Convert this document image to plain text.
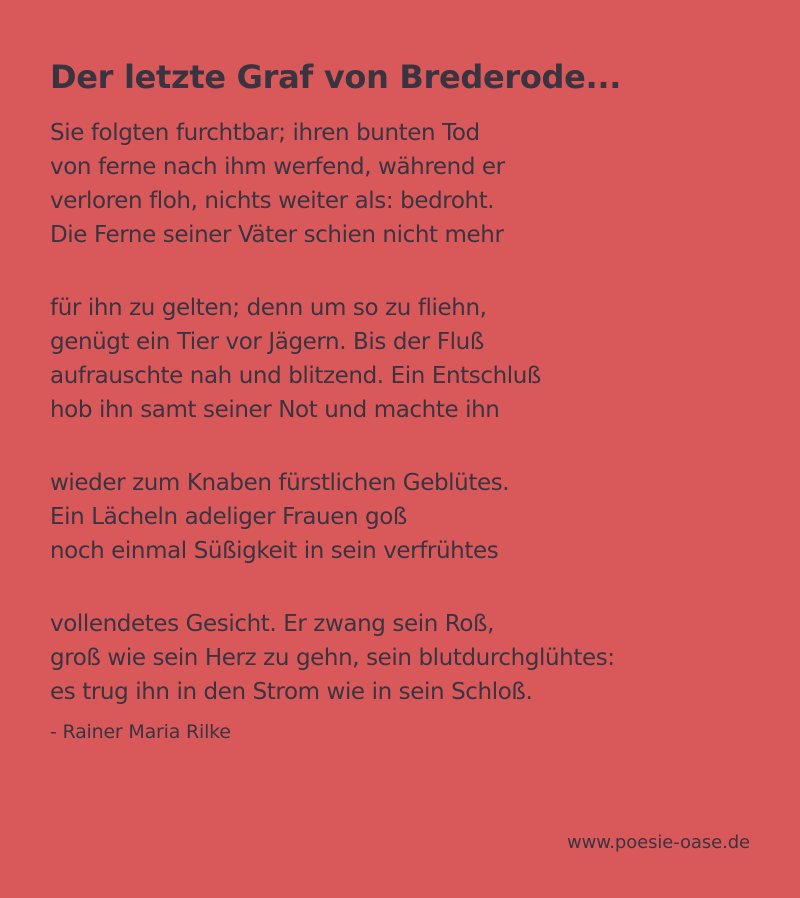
Der letzte Graf von Brederode...
Sie folgten furchtbar; ihren bunten Tod
von ferne nach ihm werfend, während er
verloren floh, nichts weiter als: bedroht.
Die Ferne seiner Väter schien nicht mehr
für ihn zu gelten; denn um so zu fliehn,
genügt ein Tier vor Jägern. Bis der Fluß
aufrauschte nah und blitzend. Ein Entschluß
hob ihn samt seiner Not und machte ihn
wieder zum Knaben fürstlichen Geblütes.
Ein Lächeln adeliger Frauen goß
noch einmal Süßigkeit in sein verfrühtes
vollendetes Gesicht. Er zwang sein Roß,
groß wie sein Herz zu gehn, sein blutdurchglühtes:
es trug ihn in den Strom wie in sein Schloß.
- Rainer Maria Rilke
www.poesie-oase.de
